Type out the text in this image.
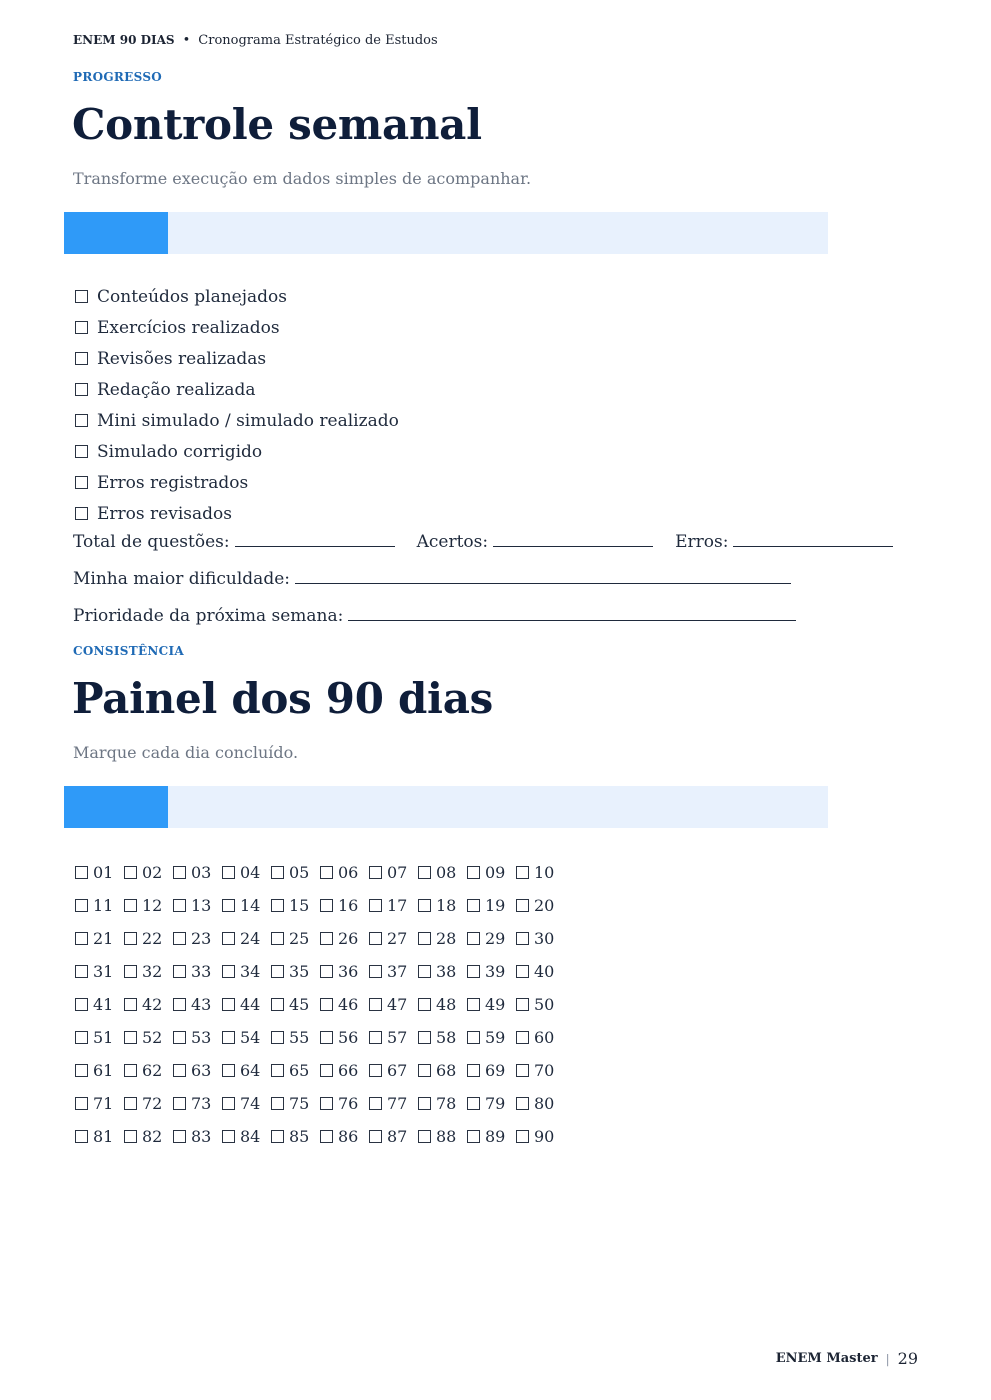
ENEM 90 DIAS • Cronograma Estratégico de Estudos
PROGRESSO
Controle semanal
Transforme execução em dados simples de acompanhar.
Conteúdos planejados
Exercícios realizados
Revisões realizadas
Redação realizada
Mini simulado / simulado realizado
Simulado corrigido
Erros registrados
Erros revisados
Total de questões:	Acertos:	Erros:
Minha maior dificuldade:
Prioridade da próxima semana:
CONSISTÊNCIA
Painel dos 90 dias
Marque cada dia concluído.
01 02 03 04 05 06 07 08 09 10
11 12 13 14 15 16 17 18 19 20
21 22 23 24 25 26 27 28 29 30
31 32 33 34 35 36 37 38 39 40
41 42 43 44 45 46 47 48 49 50
51 52 53 54 55 56 57 58 59 60
61 62 63 64 65 66 67 68 69 70
71 72 73 74 75 76 77 78 79 80
81 82 83 84 85 86 87 88 89 90
ENEM Master | 29
